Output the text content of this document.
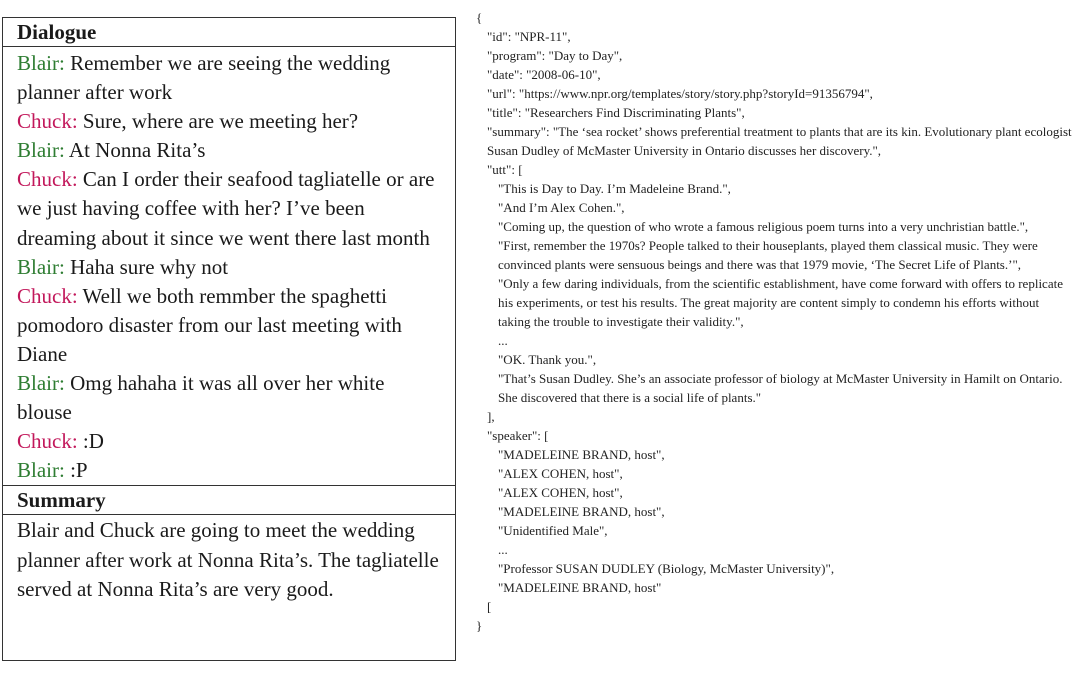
Dialogue

Blair: Remember we are seeing the wedding planner after work

Chuck: Sure, where are we meeting her?

Blair: At Nonna Rita’s

Chuck: Can I order their seafood tagliatelle or are we just having coffee with her? I’ve been dreaming about it since we went there last month

Blair: Haha sure why not

Chuck: Well we both remmber the spaghetti pomodoro disaster from our last meeting with Diane

Blair: Omg hahaha it was all over her white blouse

Chuck: :D

Blair: :P

Summary
Blair and Chuck are going to meet the wedding planner after work at Nonna Rita’s. The tagliatelle served at Nonna Rita’s are very good.
{
"id": "NPR-11",
"program": "Day to Day",
"date": "2008-06-10",
"url": "https://www.npr.org/templates/story/story.php?storyId=91356794",
"title": "Researchers Find Discriminating Plants",
"summary": "The ‘sea rocket’ shows preferential treatment to plants that are its kin. Evolutionary plant ecologist Susan Dudley of McMaster University in Ontario discusses her discovery.",
"utt": [
"This is Day to Day. I’m Madeleine Brand.",
"And I’m Alex Cohen.",
"Coming up, the question of who wrote a famous religious poem turns into a very unchristian battle.",
"First, remember the 1970s? People talked to their houseplants, played them classical music. They were convinced plants were sensuous beings and there was that 1979 movie, ‘The Secret Life of Plants.’",
"Only a few daring individuals, from the scientific establishment, have come forward with offers to replicate his experiments, or test his results. The great majority are content simply to condemn his efforts without taking the trouble to investigate their validity.",
...
"OK. Thank you.",
"That’s Susan Dudley. She’s an associate professor of biology at McMaster University in Hamilt on Ontario. She discovered that there is a social life of plants."
],
"speaker": [
"MADELEINE BRAND, host",
"ALEX COHEN, host",
"ALEX COHEN, host",
"MADELEINE BRAND, host",
"Unidentified Male",
...
"Professor SUSAN DUDLEY (Biology, McMaster University)",
"MADELEINE BRAND, host"
[
}
